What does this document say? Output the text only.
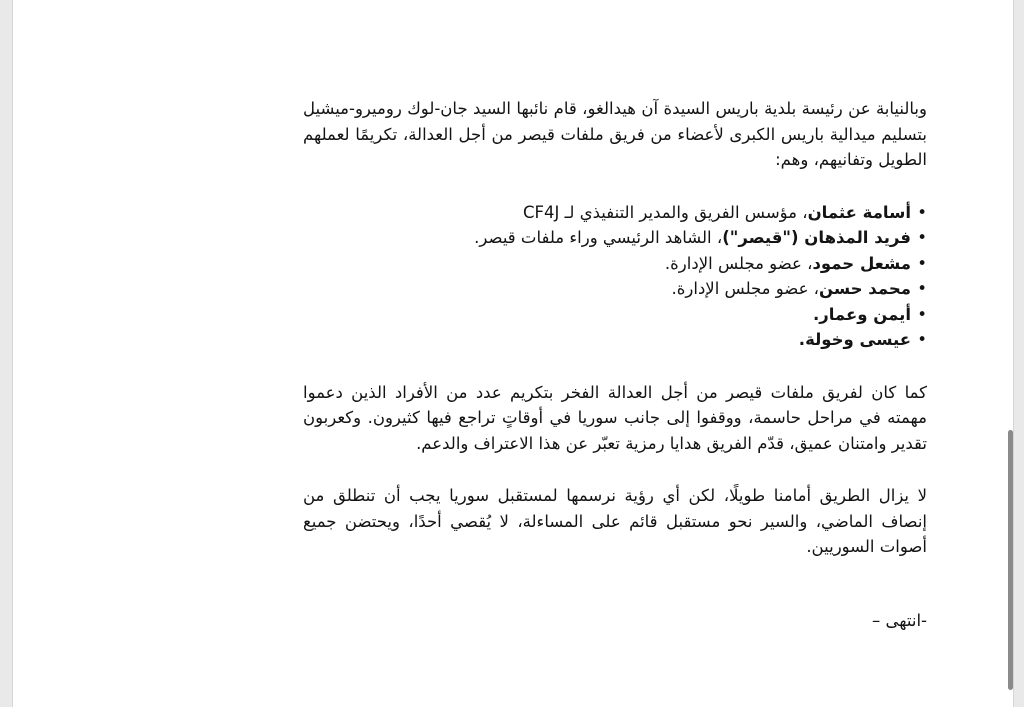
وبالنيابة عن رئيسة بلدية باريس السيدة آن هيدالغو، قام نائبها السيد جان-لوك روميرو-ميشيل بتسليم ميدالية باريس الكبرى لأعضاء من فريق ملفات قيصر من أجل العدالة، تكريمًا لعملهم الطويل وتفانيهم، وهم:

•
أسامة عثمان، مؤسس الفريق والمدير التنفيذي لـ CF4J
•
فريد المذهان ("قيصر")، الشاهد الرئيسي وراء ملفات قيصر.
•
مشعل حمود، عضو مجلس الإدارة.
•
محمد حسن، عضو مجلس الإدارة.
•
أيمن وعمار.
•
عيسى وخولة.

كما كان لفريق ملفات قيصر من أجل العدالة الفخر بتكريم عدد من الأفراد الذين دعموا مهمته في مراحل حاسمة، ووقفوا إلى جانب سوريا في أوقاتٍ تراجع فيها كثيرون. وكعربون تقدير وامتنان عميق، قدّم الفريق هدايا رمزية تعبّر عن هذا الاعتراف والدعم.

لا يزال الطريق أمامنا طويلًا، لكن أي رؤية نرسمها لمستقبل سوريا يجب أن تنطلق من إنصاف الماضي، والسير نحو مستقبل قائم على المساءلة، لا يُقصي أحدًا، ويحتضن جميع أصوات السوريين.

-انتهى –
